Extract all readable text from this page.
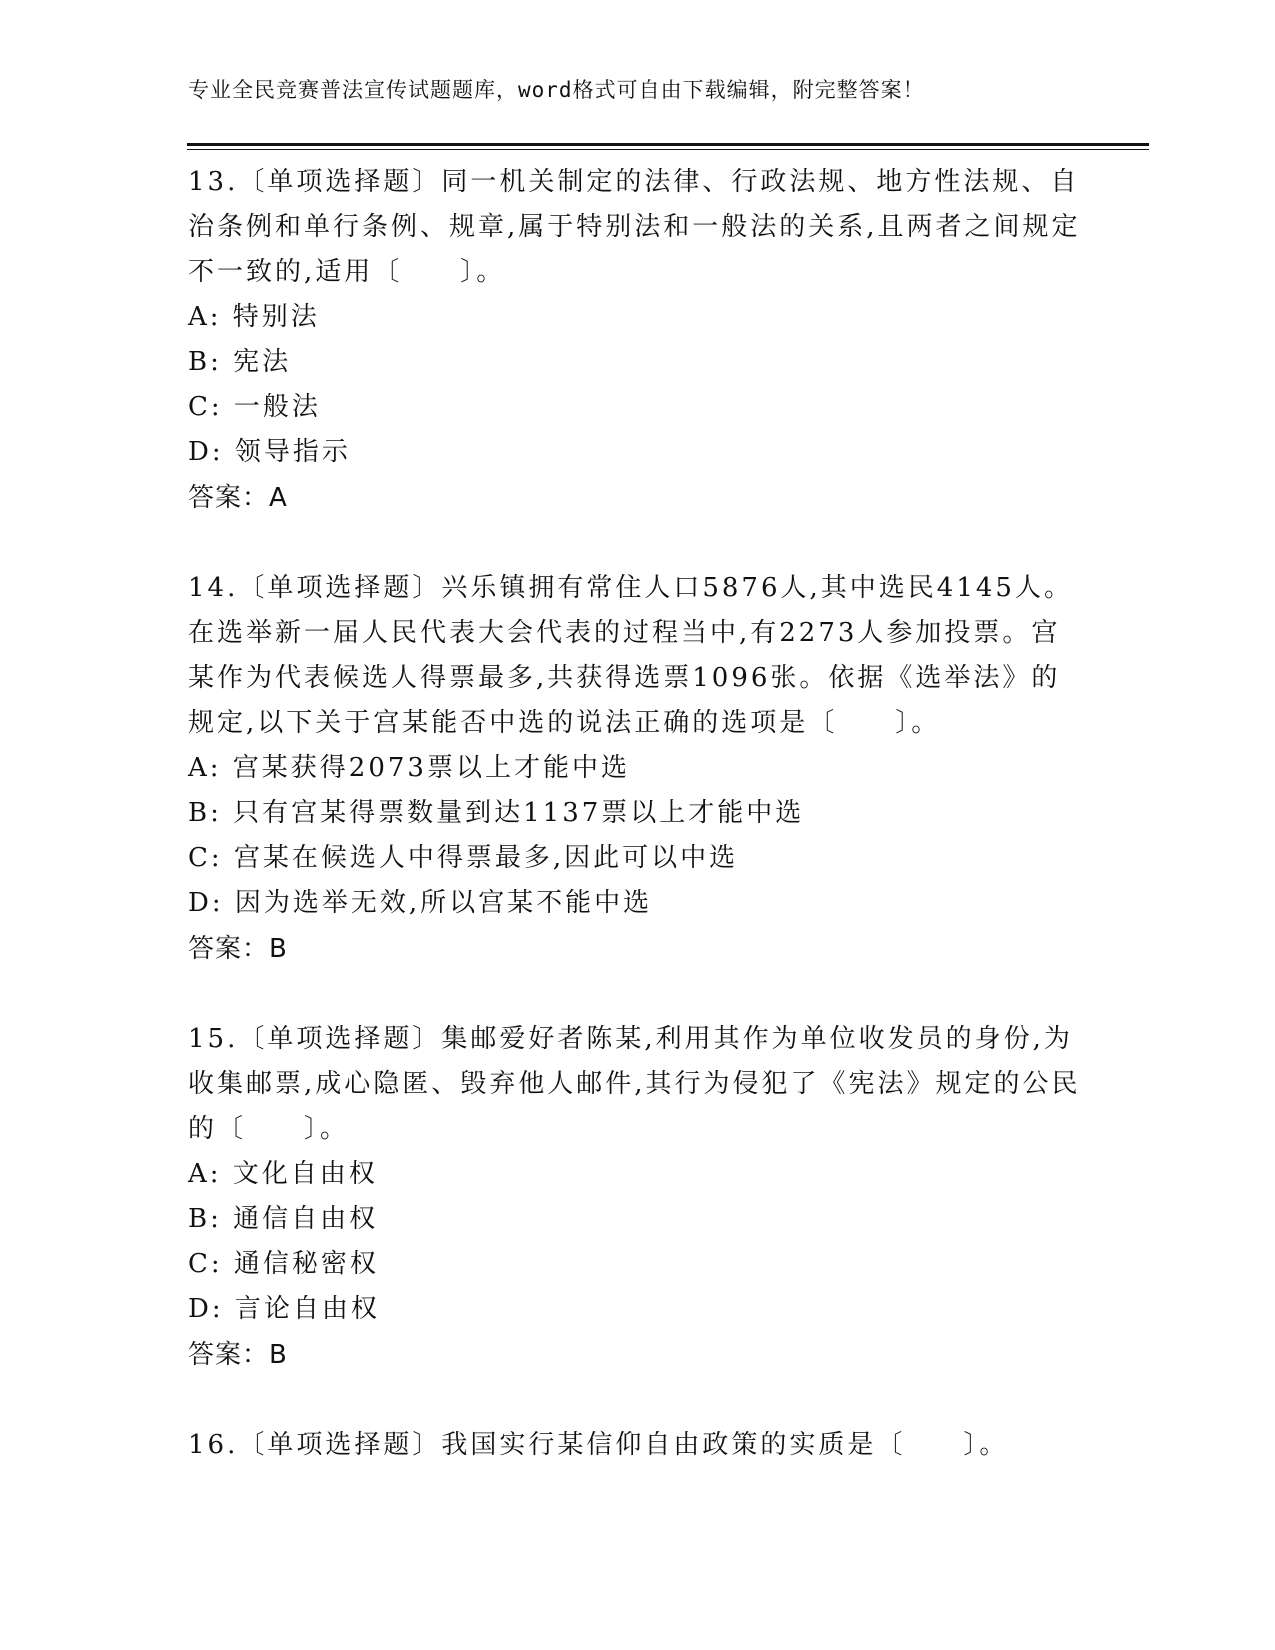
专业全民竞赛普法宣传试题题库，word格式可自由下载编辑，附完整答案！

13.〔单项选择题〕同一机关制定的法律、行政法规、地方性法规、自治条例和单行条例、规章,属于特别法和一般法的关系,且两者之间规定不一致的,适用〔　　〕。

A: 特别法

B: 宪法

C: 一般法

D: 领导指示

答案：A

14.〔单项选择题〕兴乐镇拥有常住人口5876人,其中选民4145人。在选举新一届人民代表大会代表的过程当中,有2273人参加投票。宫某作为代表候选人得票最多,共获得选票1096张。依据《选举法》的规定,以下关于宫某能否中选的说法正确的选项是〔　　〕。

A: 宫某获得2073票以上才能中选

B: 只有宫某得票数量到达1137票以上才能中选

C: 宫某在候选人中得票最多,因此可以中选

D: 因为选举无效,所以宫某不能中选

答案：B

15.〔单项选择题〕集邮爱好者陈某,利用其作为单位收发员的身份,为收集邮票,成心隐匿、毁弃他人邮件,其行为侵犯了《宪法》规定的公民的〔　　〕。

A: 文化自由权

B: 通信自由权

C: 通信秘密权

D: 言论自由权

答案：B

16.〔单项选择题〕我国实行某信仰自由政策的实质是〔　　〕。
